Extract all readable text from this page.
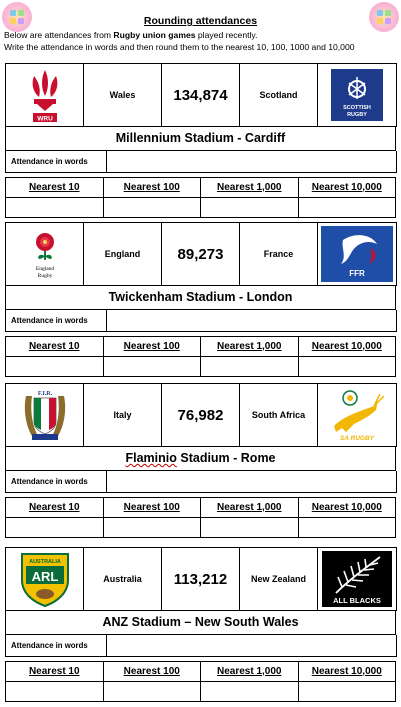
Rounding attendances
Below are attendances from Rugby union games played recently.
Write the attendance in words and then round them to the nearest 10, 100, 1000 and 10,000
WRU
	Wales	134,874	Scotland	
SCOTTISH
RUGBY
Millennium Stadium - Cardiff
Attendance in words	
Nearest 10	Nearest 100	Nearest 1,000	Nearest 10,000

England
Rugby
	England	89,273	France	
FFR
Twickenham Stadium - London
Attendance in words	
Nearest 10	Nearest 100	Nearest 1,000	Nearest 10,000

F.I.R.
	Italy	76,982	South Africa	
SA RUGBY
Flaminio Stadium - Rome
Attendance in words	
Nearest 10	Nearest 100	Nearest 1,000	Nearest 10,000

AUSTRALIA
ARL	Australia	113,212	New Zealand	
ALL BLACKS
ANZ Stadium – New South Wales
Attendance in words	
Nearest 10	Nearest 100	Nearest 1,000	Nearest 10,000
